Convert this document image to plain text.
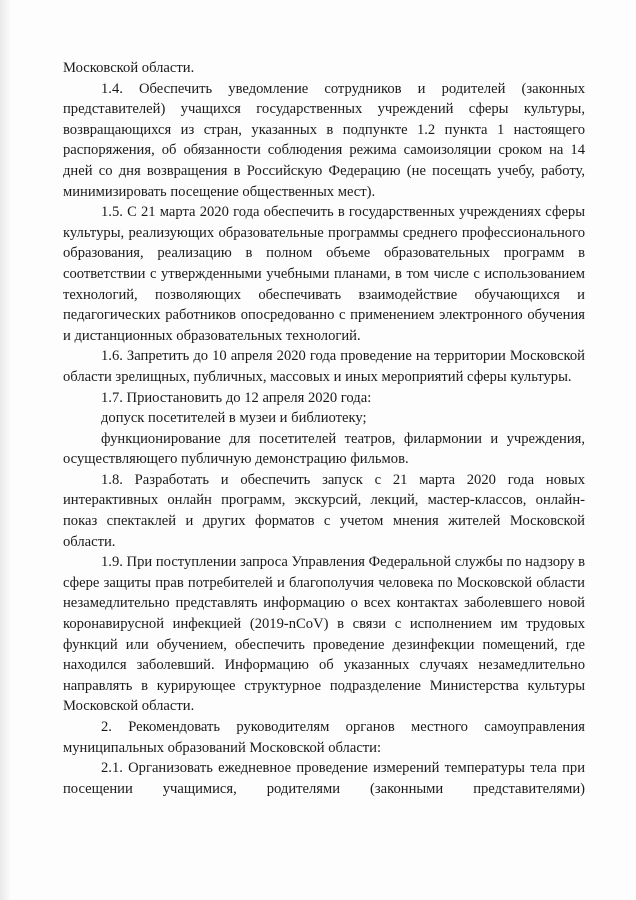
Московской области.

1.4. Обеспечить уведомление сотрудников и родителей (законных представителей) учащихся государственных учреждений сферы культуры, возвращающихся из стран, указанных в подпункте 1.2 пункта 1 настоящего распоряжения, об обязанности соблюдения режима самоизоляции сроком на 14 дней со дня возвращения в Российскую Федерацию (не посещать учебу, работу, минимизировать посещение общественных мест).

1.5. С 21 марта 2020 года обеспечить в государственных учреждениях сферы культуры, реализующих образовательные программы среднего профессионального образования, реализацию в полном объеме образовательных программ в соответствии с утвержденными учебными планами, в том числе с использованием технологий, позволяющих обеспечивать взаимодействие обучающихся и педагогических работников опосредованно с применением электронного обучения и дистанционных образовательных технологий.

1.6. Запретить до 10 апреля 2020 года проведение на территории Московской области зрелищных, публичных, массовых и иных мероприятий сферы культуры.

1.7. Приостановить до 12 апреля 2020 года:

допуск посетителей в музеи и библиотеку;

функционирование для посетителей театров, филармонии и учреждения, осуществляющего публичную демонстрацию фильмов.

1.8. Разработать и обеспечить запуск с 21 марта 2020 года новых интерактивных онлайн программ, экскурсий, лекций, мастер-классов, онлайн-показ спектаклей и других форматов с учетом мнения жителей Московской области.

1.9. При поступлении запроса Управления Федеральной службы по надзору в сфере защиты прав потребителей и благополучия человека по Московской области незамедлительно представлять информацию о всех контактах заболевшего новой коронавирусной инфекцией (2019-nCoV) в связи с исполнением им трудовых функций или обучением, обеспечить проведение дезинфекции помещений, где находился заболевший. Информацию об указанных случаях незамедлительно направлять в курирующее структурное подразделение Министерства культуры Московской области.

2. Рекомендовать руководителям органов местного самоуправления муниципальных образований Московской области:

2.1. Организовать ежедневное проведение измерений температуры тела при посещении учащимися, родителями (законными представителями)
